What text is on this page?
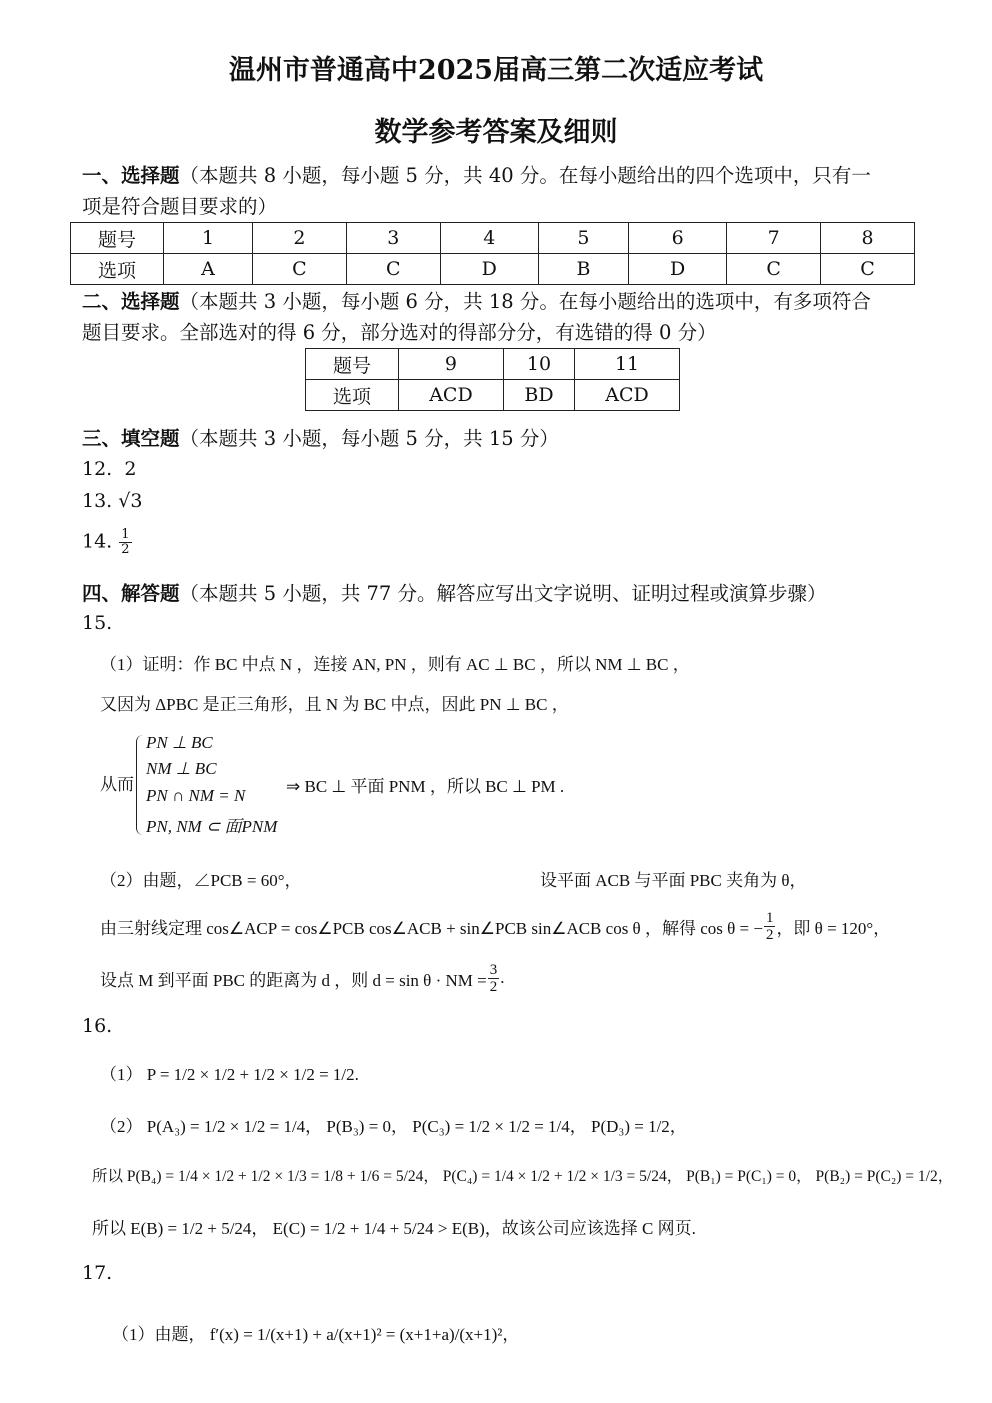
温州市普通高中2025届高三第二次适应考试
数学参考答案及细则
一、选择题（本题共 8 小题，每小题 5 分，共 40 分。在每小题给出的四个选项中，只有一
项是符合题目要求的）
题号	1	2	3	4	5	6	7	8
选项	A	C	C	D	B	D	C	C
二、选择题（本题共 3 小题，每小题 6 分，共 18 分。在每小题给出的选项中，有多项符合
题目要求。全部选对的得 6 分，部分选对的得部分分，有选错的得 0 分）
题号	9	10	11
选项	ACD	BD	ACD
三、填空题（本题共 3 小题，每小题 5 分，共 15 分）
12. 2
13. √3
14. $\frac{1}{2}$
四、解答题（本题共 5 小题，共 77 分。解答应写出文字说明、证明过程或演算步骤）
15.
（1）证明：作 BC 中点 N ，连接 AN, PN ，则有 AC ⊥ BC ，所以 NM ⊥ BC ，
又因为 ΔPBC 是正三角形，且 N 为 BC 中点，因此 PN ⊥ BC ，
从而
PN ⊥ BC
NM ⊥ BC
PN ∩ NM = N
PN, NM ⊂ 面PNM
⇒ BC ⊥ 平面 PNM ，所以 BC ⊥ PM .
（2）由题，∠PCB = 60°，	设平面 ACB 与平面 PBC 夹角为 θ，
由三射线定理 cos∠ACP = cos∠PCB cos∠ACB + sin∠PCB sin∠ACB cos θ ，解得 cos θ = − $\frac{1}{2}$ ，即 θ = 120°，
设点 M 到平面 PBC 的距离为 d ，则 d = sin θ · NM = $\frac{3}{2}$ .
16.
（1） P = 1/2 × 1/2 + 1/2 × 1/2 = 1/2.
（2） P(A₃) = 1/2 × 1/2 = 1/4， P(B₃) = 0， P(C₃) = 1/2 × 1/2 = 1/4， P(D₃) = 1/2，
所以 P(B₄) = 1/4 × 1/2 + 1/2 × 1/3 = 1/8 + 1/6 = 5/24， P(C₄) = 1/4 × 1/2 + 1/2 × 1/3 = 5/24， P(B₁) = P(C₁) = 0， P(B₂) = P(C₂) = 1/2，
所以 E(B) = 1/2 + 5/24， E(C) = 1/2 + 1/4 + 5/24 > E(B)，故该公司应该选择 C 网页.
17.
（1）由题， f′(x) = 1/(x+1) + a/(x+1)² = (x+1+a)/(x+1)²，
